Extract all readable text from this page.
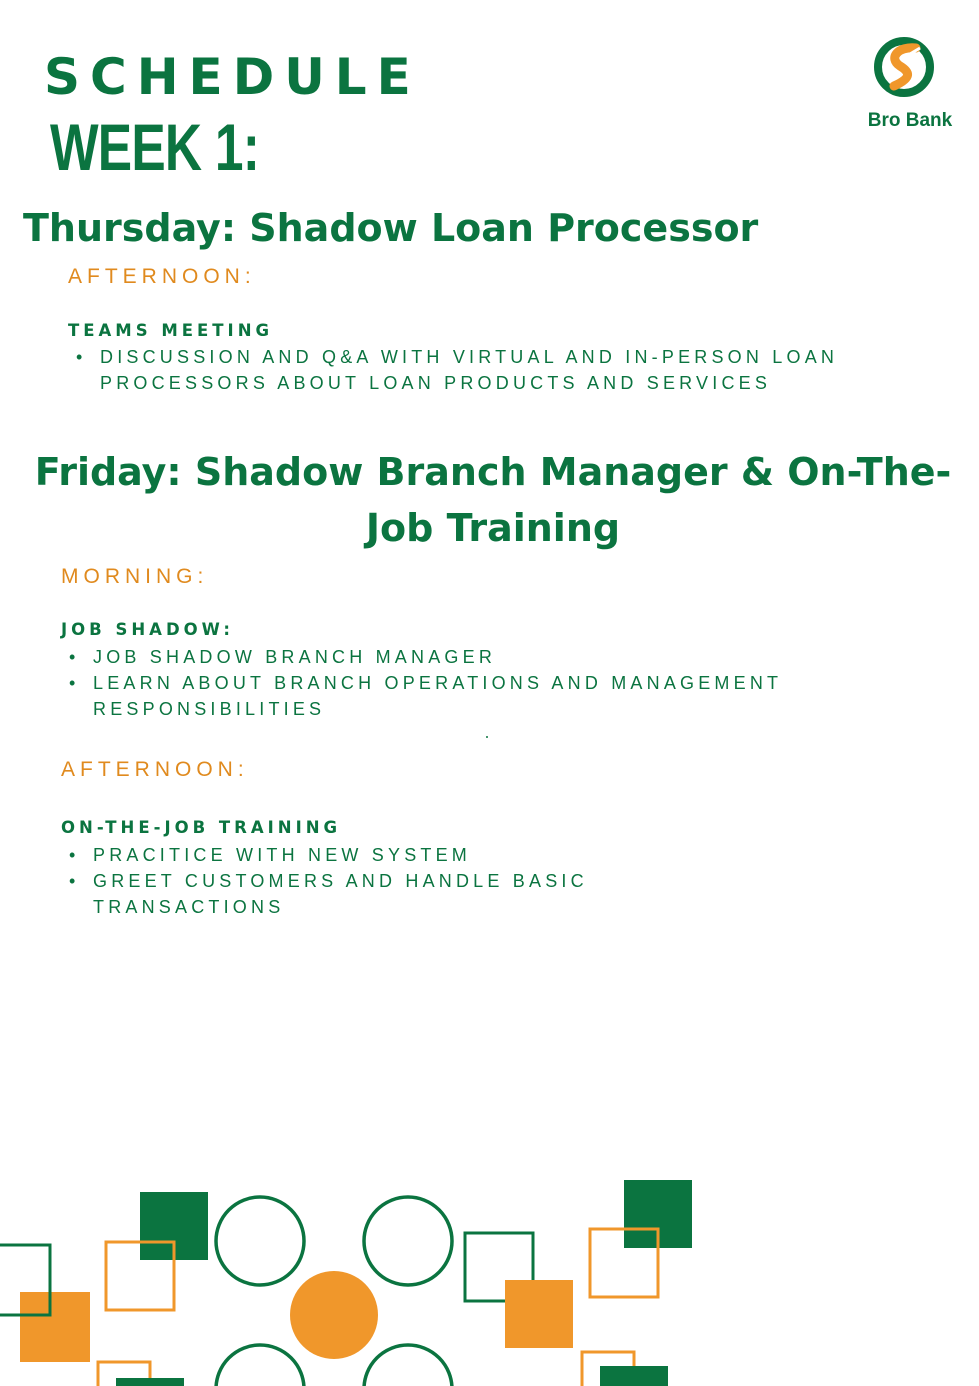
SCHEDULE
WEEK 1:	Bro Bank
Thursday: Shadow Loan Processor
AFTERNOON:
TEAMS MEETING
• DISCUSSION AND Q&A WITH VIRTUAL AND IN-PERSON LOAN PROCESSORS ABOUT LOAN PRODUCTS AND SERVICES
Friday: Shadow Branch Manager & On-The-Job Training
MORNING:
JOB SHADOW:
• JOB SHADOW BRANCH MANAGER
• LEARN ABOUT BRANCH OPERATIONS AND MANAGEMENT RESPONSIBILITIES
AFTERNOON:
ON-THE-JOB TRAINING
• PRACITICE WITH NEW SYSTEM
• GREET CUSTOMERS AND HANDLE BASIC TRANSACTIONS
